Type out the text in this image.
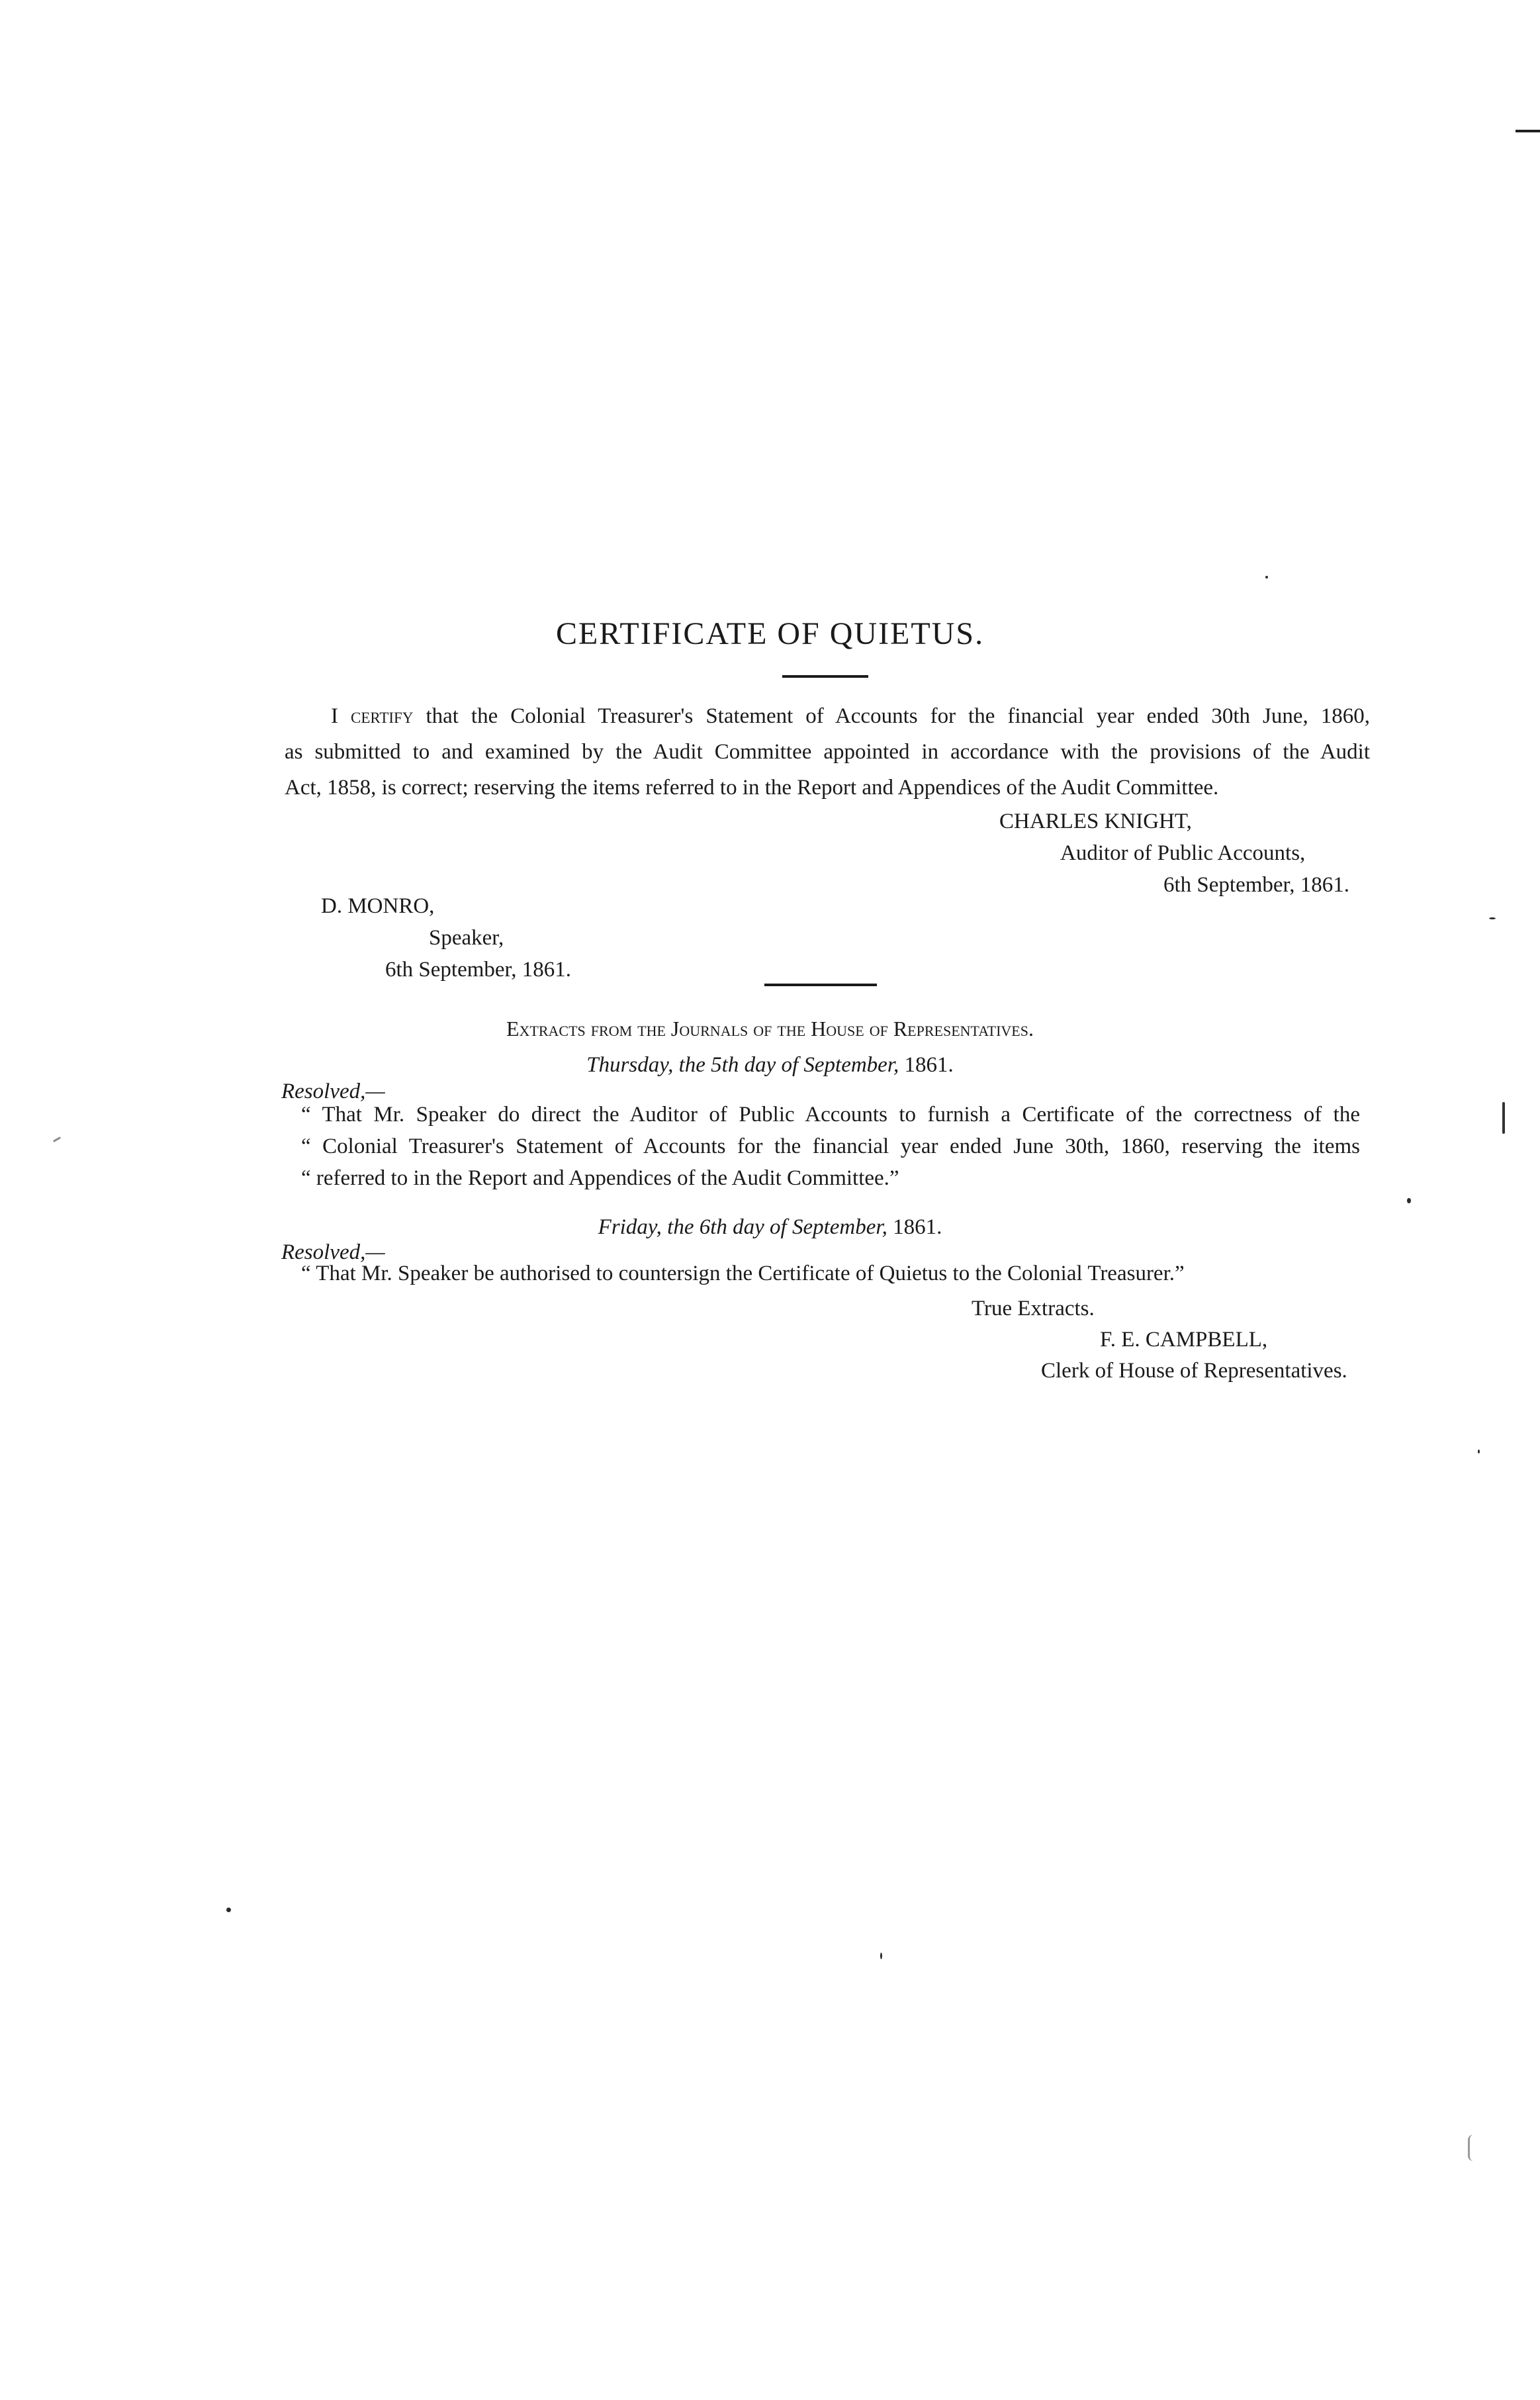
CERTIFICATE OF QUIETUS.
I certify that the Colonial Treasurer's Statement of Accounts for the financial year ended 30th June, 1860,
as submitted to and examined by the Audit Committee appointed in accordance with the provisions of the Audit
Act, 1858, is correct; reserving the items referred to in the Report and Appendices of the Audit Committee.
CHARLES KNIGHT,
Auditor of Public Accounts,
6th September, 1861.
D. MONRO,
Speaker,
6th September, 1861.
Extracts from the Journals of the House of Representatives.
Thursday, the 5th day of September, 1861.
Resolved,—
“ That Mr. Speaker do direct the Auditor of Public Accounts to furnish a Certificate of the correctness of the
“ Colonial Treasurer's Statement of Accounts for the financial year ended June 30th, 1860, reserving the items
“ referred to in the Report and Appendices of the Audit Committee.”
Friday, the 6th day of September, 1861.
Resolved,—
“ That Mr. Speaker be authorised to countersign the Certificate of Quietus to the Colonial Treasurer.”
True Extracts.
F. E. CAMPBELL,
Clerk of House of Representatives.
